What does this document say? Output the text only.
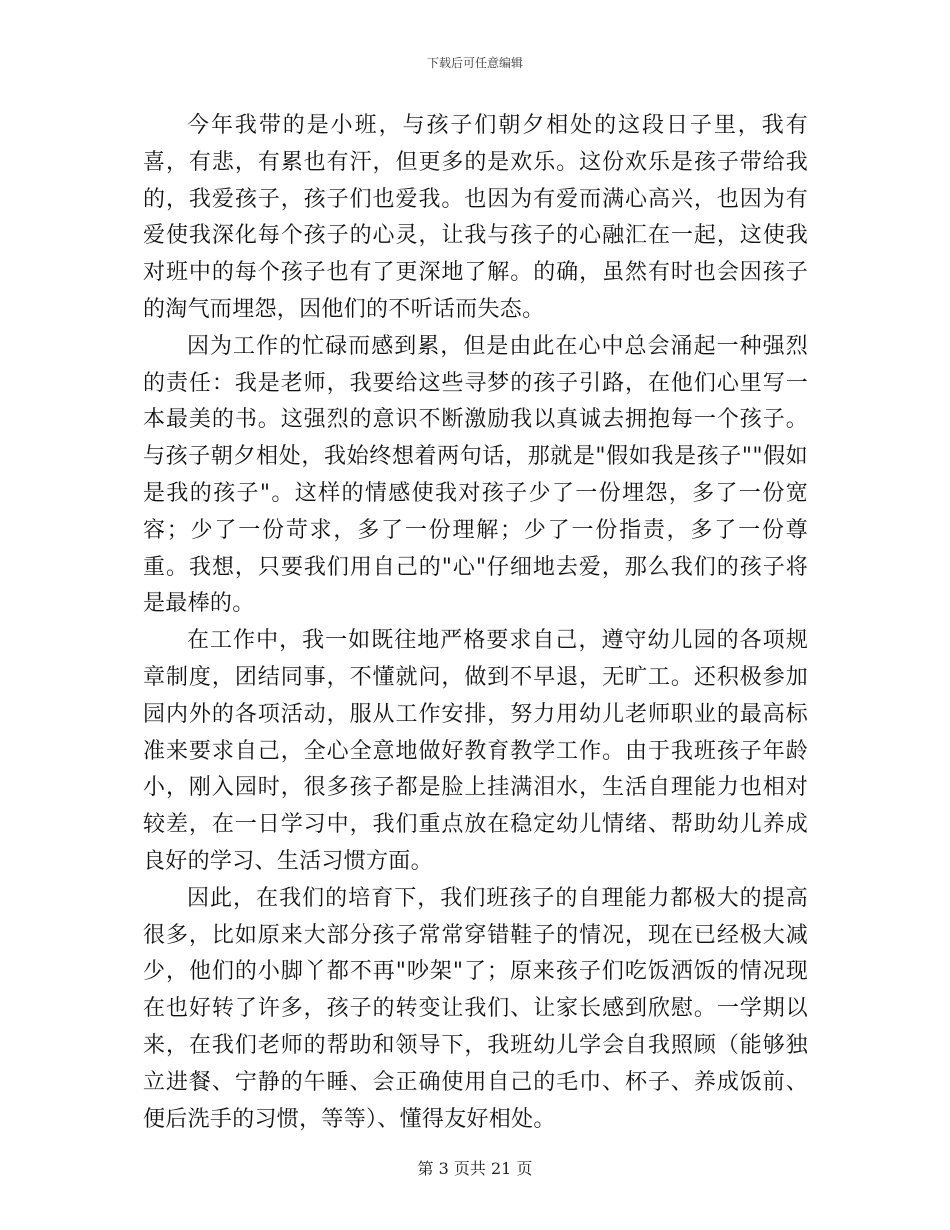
下载后可任意编辑

今年我带的是小班，与孩子们朝夕相处的这段日子里，我有喜，有悲，有累也有汗，但更多的是欢乐。这份欢乐是孩子带给我的，我爱孩子，孩子们也爱我。也因为有爱而满心高兴，也因为有爱使我深化每个孩子的心灵，让我与孩子的心融汇在一起，这使我对班中的每个孩子也有了更深地了解。的确，虽然有时也会因孩子的淘气而埋怨，因他们的不听话而失态。

因为工作的忙碌而感到累，但是由此在心中总会涌起一种强烈的责任：我是老师，我要给这些寻梦的孩子引路，在他们心里写一本最美的书。这强烈的意识不断激励我以真诚去拥抱每一个孩子。与孩子朝夕相处，我始终想着两句话，那就是"假如我是孩子""假如是我的孩子"。这样的情感使我对孩子少了一份埋怨，多了一份宽容；少了一份苛求，多了一份理解；少了一份指责，多了一份尊重。我想，只要我们用自己的"心"仔细地去爱，那么我们的孩子将是最棒的。

在工作中，我一如既往地严格要求自己，遵守幼儿园的各项规章制度，团结同事，不懂就问，做到不早退，无旷工。还积极参加园内外的各项活动，服从工作安排，努力用幼儿老师职业的最高标准来要求自己，全心全意地做好教育教学工作。由于我班孩子年龄小，刚入园时，很多孩子都是脸上挂满泪水，生活自理能力也相对较差，在一日学习中，我们重点放在稳定幼儿情绪、帮助幼儿养成良好的学习、生活习惯方面。

因此，在我们的培育下，我们班孩子的自理能力都极大的提高很多，比如原来大部分孩子常常穿错鞋子的情况，现在已经极大减少，他们的小脚丫都不再"吵架"了；原来孩子们吃饭洒饭的情况现在也好转了许多，孩子的转变让我们、让家长感到欣慰。一学期以来，在我们老师的帮助和领导下，我班幼儿学会自我照顾（能够独立进餐、宁静的午睡、会正确使用自己的毛巾、杯子、养成饭前、便后洗手的习惯，等等）、懂得友好相处。

第 3 页共 21 页
